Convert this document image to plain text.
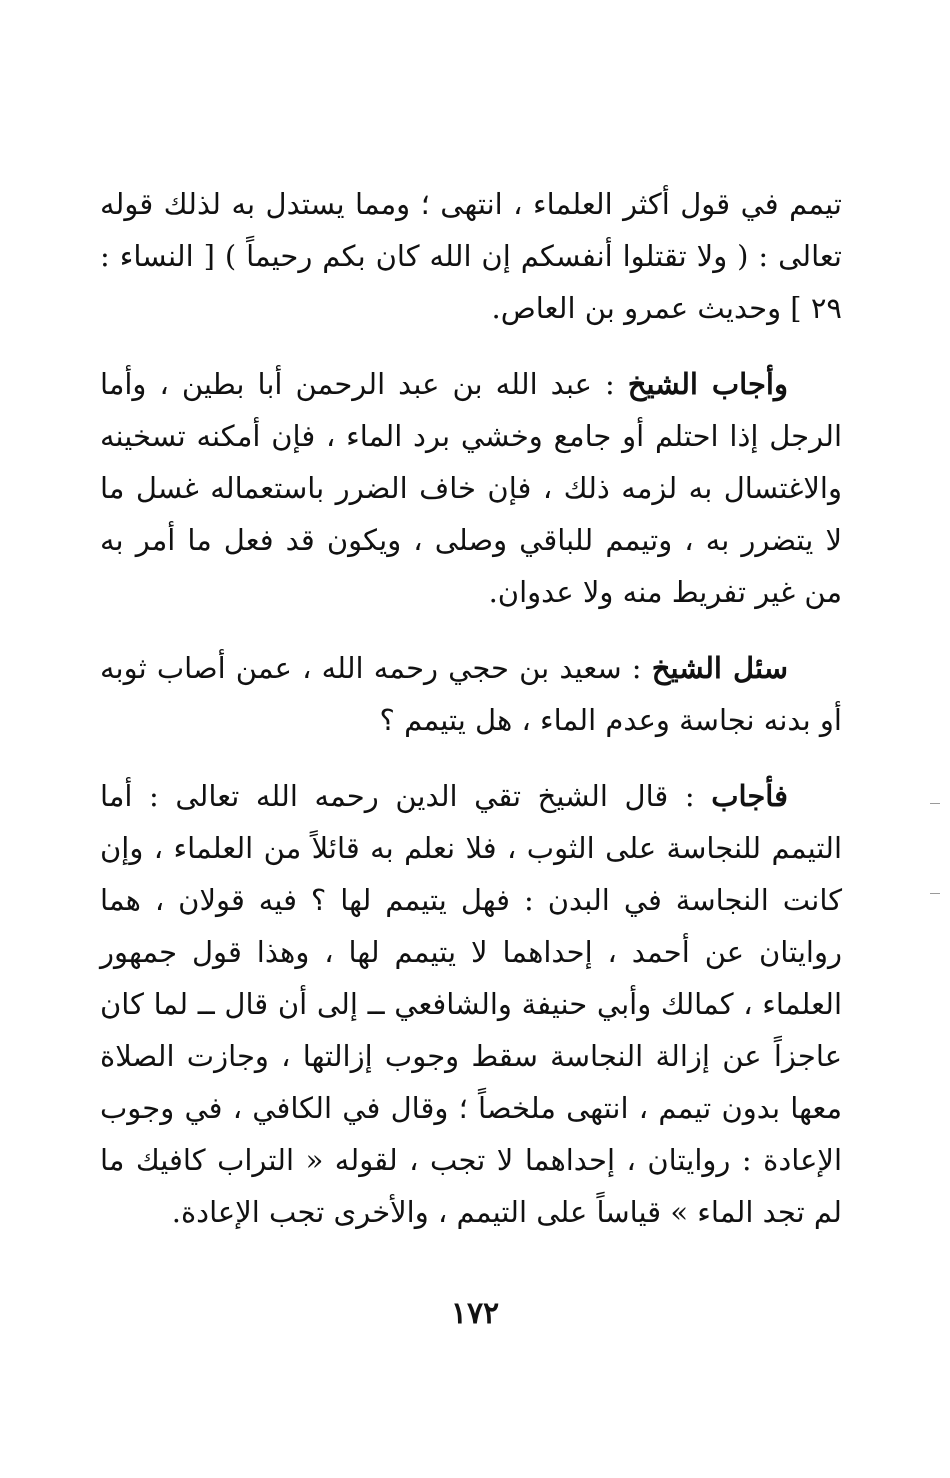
تيمم في قول أكثر العلماء ، انتهى ؛ ومما يستدل به لذلك قوله تعالى : ( ولا تقتلوا أنفسكم إن الله كان بكم رحيماً ) [ النساء : ٢٩ ] وحديث عمرو بن العاص.

وأجاب الشيخ : عبد الله بن عبد الرحمن أبا بطين ، وأما الرجل إذا احتلم أو جامع وخشي برد الماء ، فإن أمكنه تسخينه والاغتسال به لزمه ذلك ، فإن خاف الضرر باستعماله غسل ما لا يتضرر به ، وتيمم للباقي وصلى ، ويكون قد فعل ما أمر به من غير تفريط منه ولا عدوان.

سئل الشيخ : سعيد بن حجي رحمه الله ، عمن أصاب ثوبه أو بدنه نجاسة وعدم الماء ، هل يتيمم ؟

فأجاب : قال الشيخ تقي الدين رحمه الله تعالى : أما التيمم للنجاسة على الثوب ، فلا نعلم به قائلاً من العلماء ، وإن كانت النجاسة في البدن : فهل يتيمم لها ؟ فيه قولان ، هما روايتان عن أحمد ، إحداهما لا يتيمم لها ، وهذا قول جمهور العلماء ، كمالك وأبي حنيفة والشافعي ــ إلى أن قال ــ لما كان عاجزاً عن إزالة النجاسة سقط وجوب إزالتها ، وجازت الصلاة معها بدون تيمم ، انتهى ملخصاً ؛ وقال في الكافي ، في وجوب الإعادة : روايتان ، إحداهما لا تجب ، لقوله « التراب كافيك ما لم تجد الماء » قياساً على التيمم ، والأخرى تجب الإعادة.

١٧٢
